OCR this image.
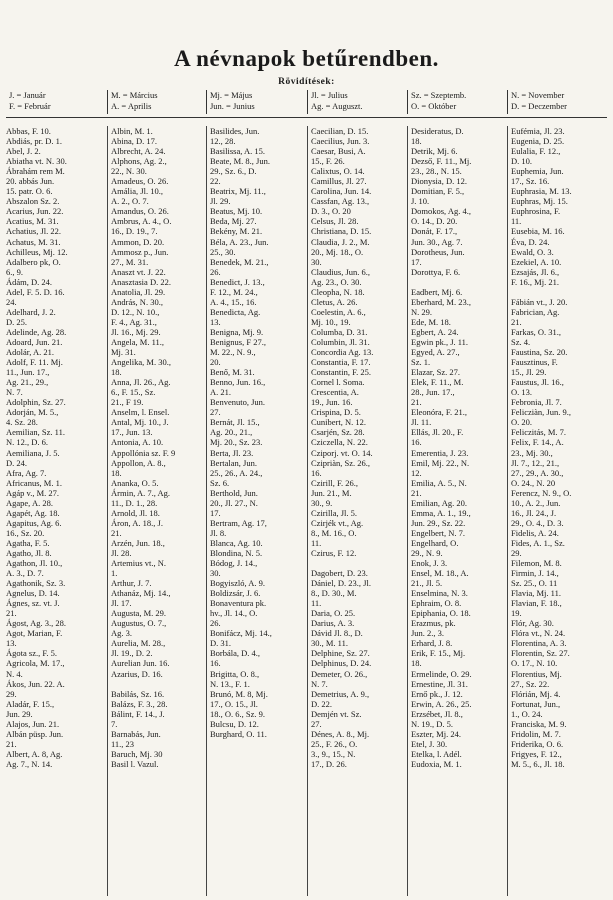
A névnapok betűrendben.
Rövidítések:
J. = Január
F. = Február
M. = Március
A. = Aprilis
Mj. = Május
Jun. = Junius
Jl. = Julius
Ag. = Auguszt.
Sz. = Szeptemb.
O. = Október
N. = November
D. = Deczember
Abbas, F. 10.
Abdiás, pr. D. 1.
Abel, J. 2.
Abiatha vt. N. 30.
Ábrahám rem M.
20. abbás Jun.
15. patr. O. 6.
Abszalon Sz. 2.
Acarius, Jun. 22.
Acatius, M. 31.
Achatius, Jl. 22.
Achatus, M. 31.
Achilleus, Mj. 12.
Adalbero pk, O.
6., 9.
Ádám, D. 24.
Adel, F. 5. D. 16.
24.
Adelhard, J. 2.
D. 25.
Adelinde, Ag. 28.
Adoard, Jun. 21.
Adolár, A. 21.
Adolf, F. 11. Mj.
11., Jun. 17.,
Ag. 21., 29.,
N. 7.
Adolphin, Sz. 27.
Adorján, M. 5.,
4. Sz. 28.
Aemilian, Sz. 11.
N. 12., D. 6.
Aemiliana, J. 5.
D. 24.
Afra, Ag. 7.
Africanus, M. 1.
Agáp v., M. 27.
Agape, A. 28.
Agapét, Ag. 18.
Agapitus, Ag. 6.
16., Sz. 20.
Agatha, F. 5.
Agatho, Jl. 8.
Agathon, Jl. 10.,
A. 3., D. 7.
Agathonik, Sz. 3.
Agnelus, D. 14.
Ágnes, sz. vt. J.
21.
Ágost, Ag. 3., 28.
Agot, Marian, F.
13.
Ágota sz., F. 5.
Agricola, M. 17.,
N. 4.
Ákos, Jun. 22. A.
29.
Aladár, F. 15.,
Jun. 29.
Alajos, Jun. 21.
Albán püsp. Jun.
21.
Albert, A. 8, Ag.
Ag. 7., N. 14.
Albin, M. 1.
Abina, D. 17.
Albrecht, A. 24.
Alphons, Ag. 2.,
22., N. 30.
Amadeus, O. 26.
Amália, Jl. 10.,
A. 2., O. 7.
Amandus, O. 26.
Ambrus, A. 4., O.
16., D. 19., 7.
Ammon, D. 20.
Ammosz p., Jun.
27., M. 31.
Anaszt vt. J. 22.
Anasztasia D. 22.
Anatolia, Jl. 29.
András, N. 30.,
D. 12., N. 10.,
F. 4., Ag. 31.,
Jl. 16., Mj. 29.
Angela, M. 11.,
Mj. 31.
Angelika, M. 30.,
18.
Anna, Jl. 26., Ag.
6., F. 15., Sz.
21., F 19.
Anselm, l. Ensel.
Antal, Mj. 10., J.
17., Jun. 13.
Antonia, A. 10.
Appollónia sz. F. 9
Appollon, A. 8.,
18.
Ananka, O. 5.
Ármin, A. 7., Ag.
11., D. 1., 28.
Arnold, Jl. 18.
Áron, A. 18., J.
21.
Arzén, Jun. 18.,
Jl. 28.
Artemius vt., N.
1.
Arthur, J. 7.
Athanáz, Mj. 14.,
Jl. 17.
Augusta, M. 29.
Augustus, O. 7.,
Ag. 3.
Aurelia, M. 28.,
Jl. 19., D. 2.
Aurelian Jun. 16.
Azarius, D. 16.

Babilás, Sz. 16.
Balázs, F. 3., 28.
Bálint, F. 14., J.
7.
Barnabás, Jun.
11., 23
Baruch, Mj. 30
Basil l. Vazul.
Basilides, Jun.
12., 28.
Basilissa, A. 15.
Beate, M. 8., Jun.
29., Sz. 6., D.
22.
Beatrix, Mj. 11.,
Jl. 29.
Beatus, Mj. 10.
Beda, Mj. 27.
Bekény, M. 21.
Béla, A. 23., Jun.
25., 30.
Benedek, M. 21.,
26.
Benedict, J. 13.,
F. 12., M. 24.,
A. 4., 15., 16.
Benedicta, Ag.
13.
Benigna, Mj. 9.
Benignus, F 27.,
M. 22., N. 9.,
20.
Benő, M. 31.
Benno, Jun. 16.,
A. 21.
Benvenuto, Jun.
27.
Bernát, Jl. 15.,
Ag. 20., 21.,
Mj. 20., Sz. 23.
Berta, Jl. 23.
Bertalan, Jun.
25., 26., A. 24.,
Sz. 6.
Berthold, Jun.
20., Jl. 27., N.
17.
Bertram, Ag. 17,
Jl. 8.
Blanca, Ag. 10.
Blondina, N. 5.
Bódog, J. 14.,
30.
Bogyiszló, A. 9.
Boldizsár, J. 6.
Bonaventura pk.
hv., Jl. 14., O.
26.
Bonifácz, Mj. 14.,
D. 31.
Borbála, D. 4.,
16.
Brigitta, O. 8.,
N. 13., F. 1.
Brunó, M. 8, Mj.
17., O. 15., Jl.
18., O. 6., Sz. 9.
Bulcsu, D. 12.
Burghard, O. 11.
Caecilian, D. 15.
Caecilius, Jun. 3.
Caesar, Busi, A.
15., F. 26.
Calixtus, O. 14.
Camillus, Jl. 27.
Carolina, Jun. 14.
Cassfan, Ag. 13.,
D. 3., O. 20
Celsus, Jl. 28.
Christiana, D. 15.
Claudia, J. 2., M.
20., Mj. 18., O.
30.
Claudius, Jun. 6.,
Ag. 23., O. 30.
Cleopha, N. 18.
Cletus, A. 26.
Coelestin, A. 6.,
Mj. 10., 19.
Columba, D. 31.
Columbin, Jl. 31.
Concordia Ag. 13.
Constantia, F. 17.
Constantin, F. 25.
Cornel l. Soma.
Crescentia, A.
19., Jun. 16.
Crispina, D. 5.
Cunibert, N. 12.
Csarjén, Sz. 28.
Cziczella, N. 22.
Cziporj. vt. O. 14.
Czipriàn, Sz. 26.,
16.
Czirill, F. 26.,
Jun. 21., M.
30., 9.
Czirilla, Jl. 5.
Czirjék vt., Ag.
8., M. 16., O.
11.
Czirus, F. 12.

Dagobert, D. 23.
Dániel, D. 23., Jl.
8., D. 30., M.
11.
Daria, O. 25.
Darius, A. 3.
Dávid Jl. 8., D.
30., M. 11.
Delphine, Sz. 27.
Delphinus, D. 24.
Demeter, O. 26.,
N. 7.
Demetrius, A. 9.,
D. 22.
Demjén vt. Sz.
27.
Dénes, A. 8., Mj.
25., F. 26., O.
3., 9., 15., N.
17., D. 26.
Desideratus, D.
18.
Detrik, Mj. 6.
Dezső, F. 11., Mj.
23., 28., N. 15.
Dionysia, D. 12.
Domitian, F. 5.,
J. 10.
Domokos, Ag. 4.,
O. 14., D. 20.
Donát, F. 17.,
Jun. 30., Ag. 7.
Dorotheus, Jun.
17.
Dorottya, F. 6.

Eadbert, Mj. 6.
Eberhard, M. 23.,
N. 29.
Ede, M. 18.
Egbert, A. 24.
Egwin pk., J. 11.
Egyed, A. 27.,
Sz. 1.
Elazar, Sz. 27.
Elek, F. 11., M.
28., Jun. 17.,
21.
Eleonóra, F. 21.,
Jl. 11.
Ellás, Jl. 20., F.
16.
Emerentia, J. 23.
Emil, Mj. 22., N.
12.
Emilia, A. 5., N.
21.
Emilian, Ag. 20.
Emma, A. 1., 19.,
Jun. 29., Sz. 22.
Engelbert, N. 7.
Engelhard, O.
29., N. 9.
Enok, J. 3.
Ensel, M. 18., A.
21., Jl. 5.
Enselmina, N. 3.
Ephraim, O. 8.
Epiphania, O. 18.
Erazmus, pk.
Jun. 2., 3.
Erhard, J. 8.
Erik, F. 15., Mj.
18.
Ermelinde, O. 29.
Ernestine, Jl. 31.
Ernő pk., J. 12.
Erwin, A. 26., 25.
Erzsébet, Jl. 8.,
N. 19., D. 5.
Eszter, Mj. 24.
Etel, J. 30.
Etelka, l. Adél.
Eudoxia, M. 1.
Eufémia, Jl. 23.
Eugenia, D. 25.
Eulalia, F. 12.,
D. 10.
Euphemia, Jun.
17., Sz. 16.
Euphrasia, M. 13.
Euphras, Mj. 15.
Euphrosina, F.
11.
Eusebia, M. 16.
Éva, D. 24.
Ewald, O. 3.
Ezekiel, A. 10.
Ezsajás, Jl. 6.,
F. 16., Mj. 21.

Fábián vt., J. 20.
Fabrician, Ag.
21.
Farkas, O. 31.,
Sz. 4.
Faustina, Sz. 20.
Fausztinus, F.
15., Jl. 29.
Faustus, Jl. 16.,
O. 13.
Febronia, Jl. 7.
Felicziàn, Jun. 9.,
O. 20.
Feliczitás, M. 7.
Felix, F. 14., A.
23., Mj. 30.,
Jl. 7., 12., 21.,
27., 29., A. 30.,
O. 24., N. 20
Ferencz, N. 9., O.
10., A. 2., Jun.
16., Jl. 24., J.
29., O. 4., D. 3.
Fidelis, A. 24.
Fides, A. 1., Sz.
29.
Filemon, M. 8.
Firmin, J. 14.,
Sz. 25., O. 11
Flavia, Mj. 11.
Flavian, F. 18.,
19.
Flór, Ag. 30.
Flóra vt., N. 24.
Florentina, A. 3.
Florentin, Sz. 27.
O. 17., N. 10.
Florentius, Mj.
27., Sz. 22.
Flórián, Mj. 4.
Fortunat, Jun.,
1., O. 24.
Franciska, M. 9.
Fridolin, M. 7.
Friderika, O. 6.
Frigyes, F. 12.,
M. 5., 6., Jl. 18.
